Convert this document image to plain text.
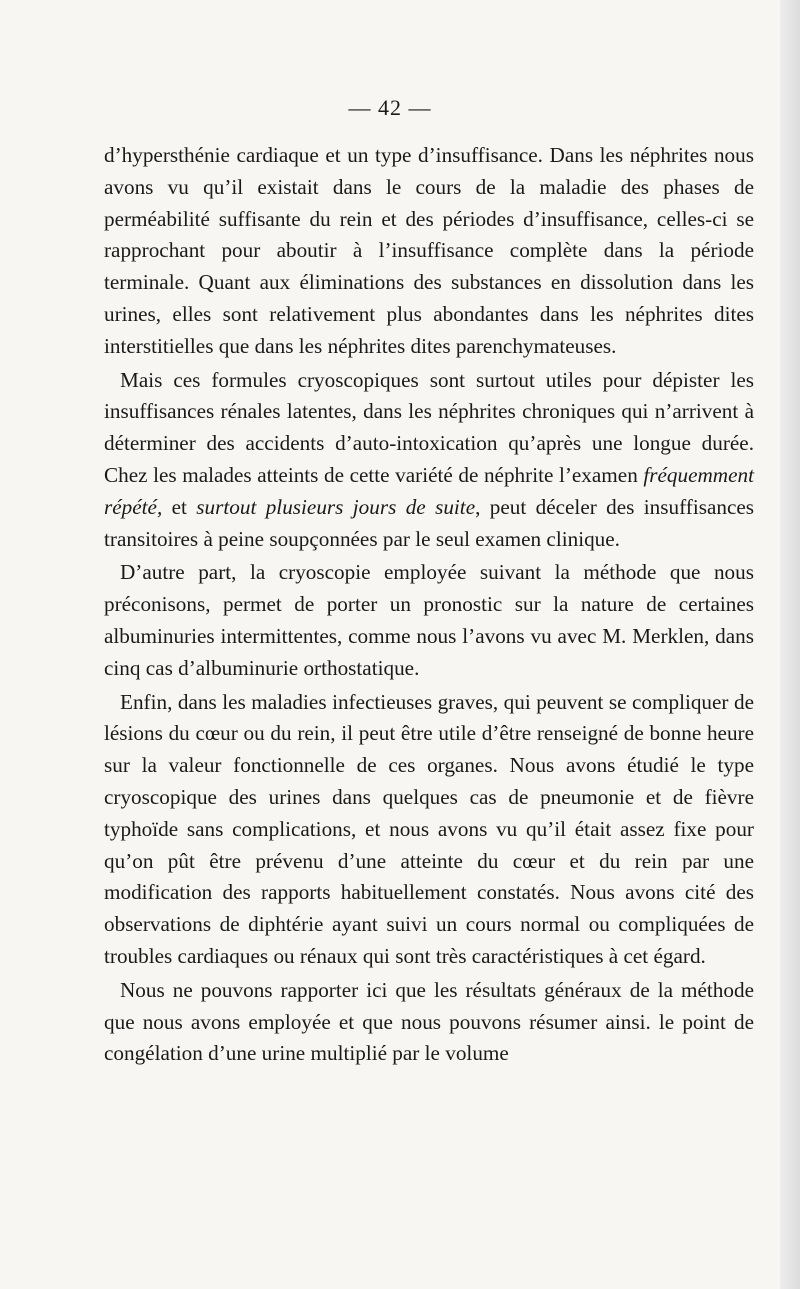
— 42 —

d’hypersthénie cardiaque et un type d’insuffisance. Dans les néphrites nous avons vu qu’il existait dans le cours de la maladie des phases de perméabilité suffisante du rein et des périodes d’insuffisance, celles-ci se rapprochant pour aboutir à l’insuffisance complète dans la période terminale. Quant aux éliminations des substances en dissolution dans les urines, elles sont relativement plus abondantes dans les néphrites dites interstitielles que dans les néphrites dites parenchymateuses.

Mais ces formules cryoscopiques sont surtout utiles pour dépister les insuffisances rénales latentes, dans les néphrites chroniques qui n’arrivent à déterminer des accidents d’auto-intoxication qu’après une longue durée. Chez les malades atteints de cette variété de néphrite l’examen fréquemment répété, et surtout plusieurs jours de suite, peut déceler des insuffisances transitoires à peine soupçonnées par le seul examen clinique.

D’autre part, la cryoscopie employée suivant la méthode que nous préconisons, permet de porter un pronostic sur la nature de certaines albuminuries intermittentes, comme nous l’avons vu avec M. Merklen, dans cinq cas d’albuminurie orthostatique.

Enfin, dans les maladies infectieuses graves, qui peuvent se compliquer de lésions du cœur ou du rein, il peut être utile d’être renseigné de bonne heure sur la valeur fonctionnelle de ces organes. Nous avons étudié le type cryoscopique des urines dans quelques cas de pneumonie et de fièvre typhoïde sans complications, et nous avons vu qu’il était assez fixe pour qu’on pût être prévenu d’une atteinte du cœur et du rein par une modification des rapports habituellement constatés. Nous avons cité des observations de diphtérie ayant suivi un cours normal ou compliquées de troubles cardiaques ou rénaux qui sont très caractéristiques à cet égard.

Nous ne pouvons rapporter ici que les résultats généraux de la méthode que nous avons employée et que nous pouvons résumer ainsi. le point de congélation d’une urine multiplié par le volume
